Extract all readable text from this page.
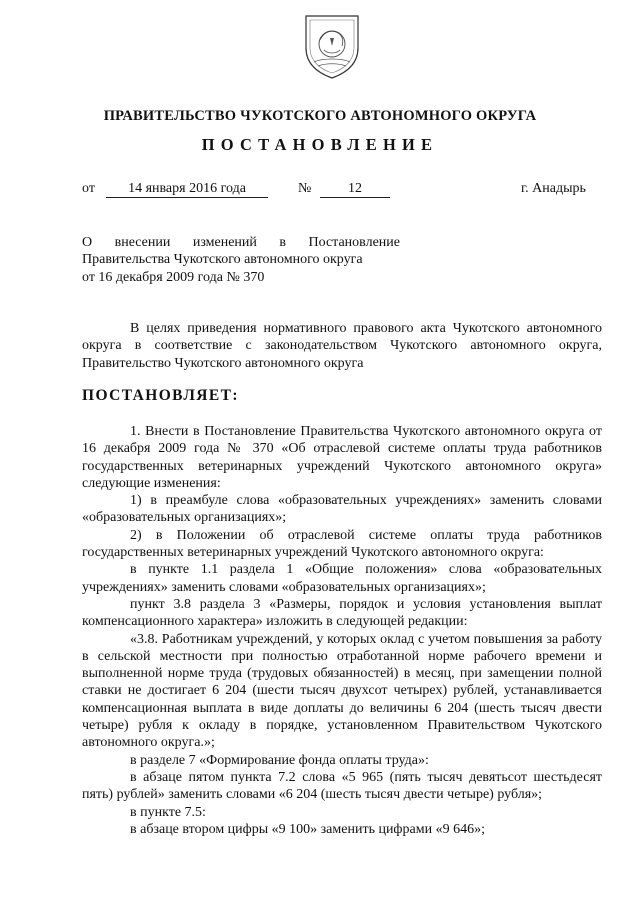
ПРАВИТЕЛЬСТВО ЧУКОТСКОГО АВТОНОМНОГО ОКРУГА
ПОСТАНОВЛЕНИЕ
от	14 января 2016 года	№	12	г. Анадырь
О внесении изменений в Постановление
Правительства Чукотского автономного округа
от 16 декабря 2009 года № 370

В целях приведения нормативного правового акта Чукотского автономного округа в соответствие с законодательством Чукотского автономного округа, Правительство Чукотского автономного округа

ПОСТАНОВЛЯЕТ:

1. Внести в Постановление Правительства Чукотского автономного округа от 16 декабря 2009 года № 370 «Об отраслевой системе оплаты труда работников государственных ветеринарных учреждений Чукотского автономного округа» следующие изменения:

1) в преамбуле слова «образовательных учреждениях» заменить словами «образовательных организациях»;

2) в Положении об отраслевой системе оплаты труда работников государственных ветеринарных учреждений Чукотского автономного округа:

в пункте 1.1 раздела 1 «Общие положения» слова «образовательных учреждениях» заменить словами «образовательных организациях»;

пункт 3.8 раздела 3 «Размеры, порядок и условия установления выплат компенсационного характера» изложить в следующей редакции:

«3.8. Работникам учреждений, у которых оклад с учетом повышения за работу в сельской местности при полностью отработанной норме рабочего времени и выполненной норме труда (трудовых обязанностей) в месяц, при замещении полной ставки не достигает 6 204 (шести тысяч двухсот четырех) рублей, устанавливается компенсационная выплата в виде доплаты до величины 6 204 (шесть тысяч двести четыре) рубля к окладу в порядке, установленном Правительством Чукотского автономного округа.»;

в разделе 7 «Формирование фонда оплаты труда»:

в абзаце пятом пункта 7.2 слова «5 965 (пять тысяч девятьсот шестьдесят пять) рублей» заменить словами «6 204 (шесть тысяч двести четыре) рубля»;

в пункте 7.5:

в абзаце втором цифры «9 100» заменить цифрами «9 646»;
